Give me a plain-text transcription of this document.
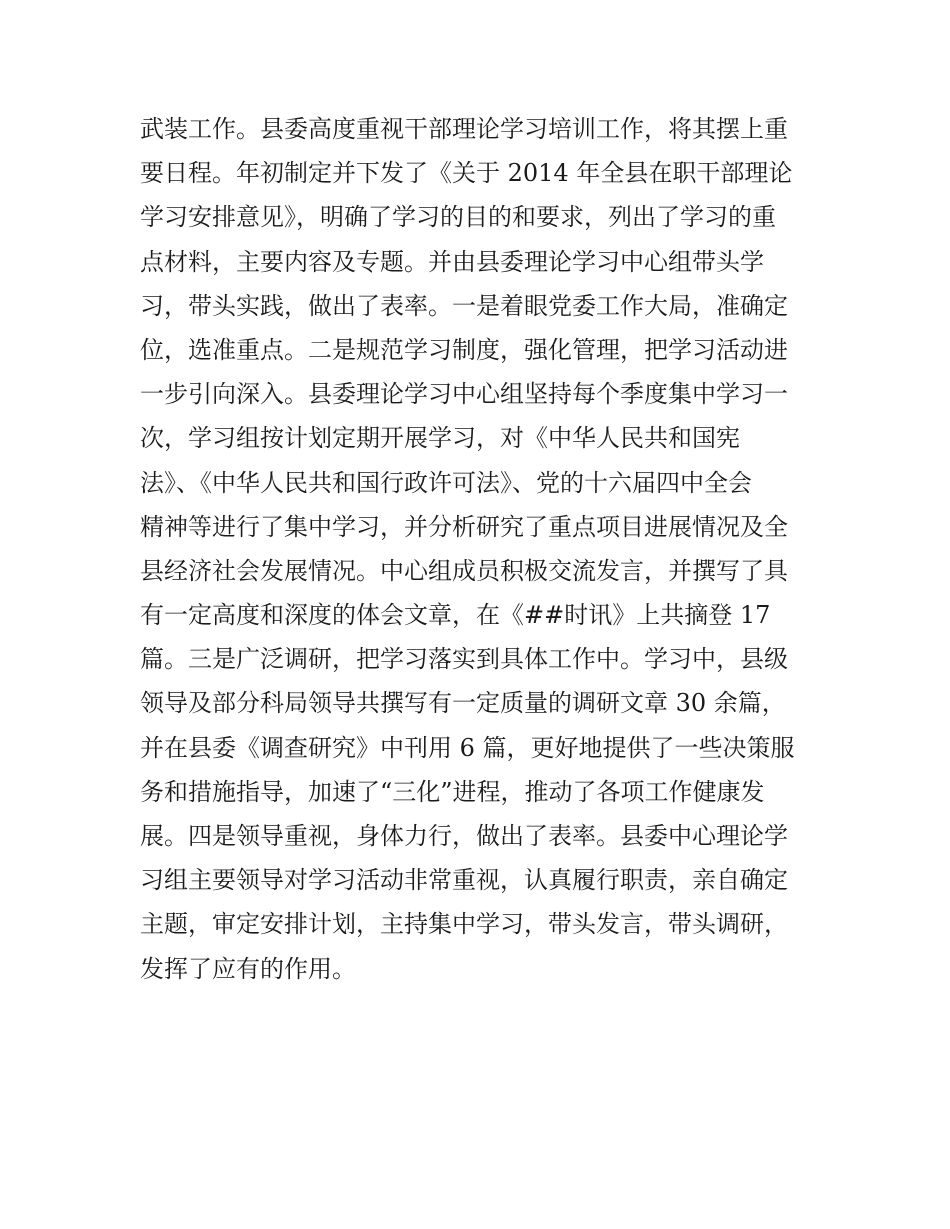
武装工作。县委高度重视干部理论学习培训工作，将其摆上重
要日程。年初制定并下发了《关于 2014 年全县在职干部理论
学习安排意见》，明确了学习的目的和要求，列出了学习的重
点材料，主要内容及专题。并由县委理论学习中心组带头学
习，带头实践，做出了表率。一是着眼党委工作大局，准确定
位，选准重点。二是规范学习制度，强化管理，把学习活动进
一步引向深入。县委理论学习中心组坚持每个季度集中学习一
次，学习组按计划定期开展学习，对《中华人民共和国宪
法》、《中华人民共和国行政许可法》、党的十六届四中全会
精神等进行了集中学习，并分析研究了重点项目进展情况及全
县经济社会发展情况。中心组成员积极交流发言，并撰写了具
有一定高度和深度的体会文章，在《##时讯》上共摘登 17
篇。三是广泛调研，把学习落实到具体工作中。学习中，县级
领导及部分科局领导共撰写有一定质量的调研文章 30 余篇，
并在县委《调查研究》中刊用 6 篇，更好地提供了一些决策服
务和措施指导，加速了“三化”进程，推动了各项工作健康发
展。四是领导重视，身体力行，做出了表率。县委中心理论学
习组主要领导对学习活动非常重视，认真履行职责，亲自确定
主题，审定安排计划，主持集中学习，带头发言，带头调研，
发挥了应有的作用。
